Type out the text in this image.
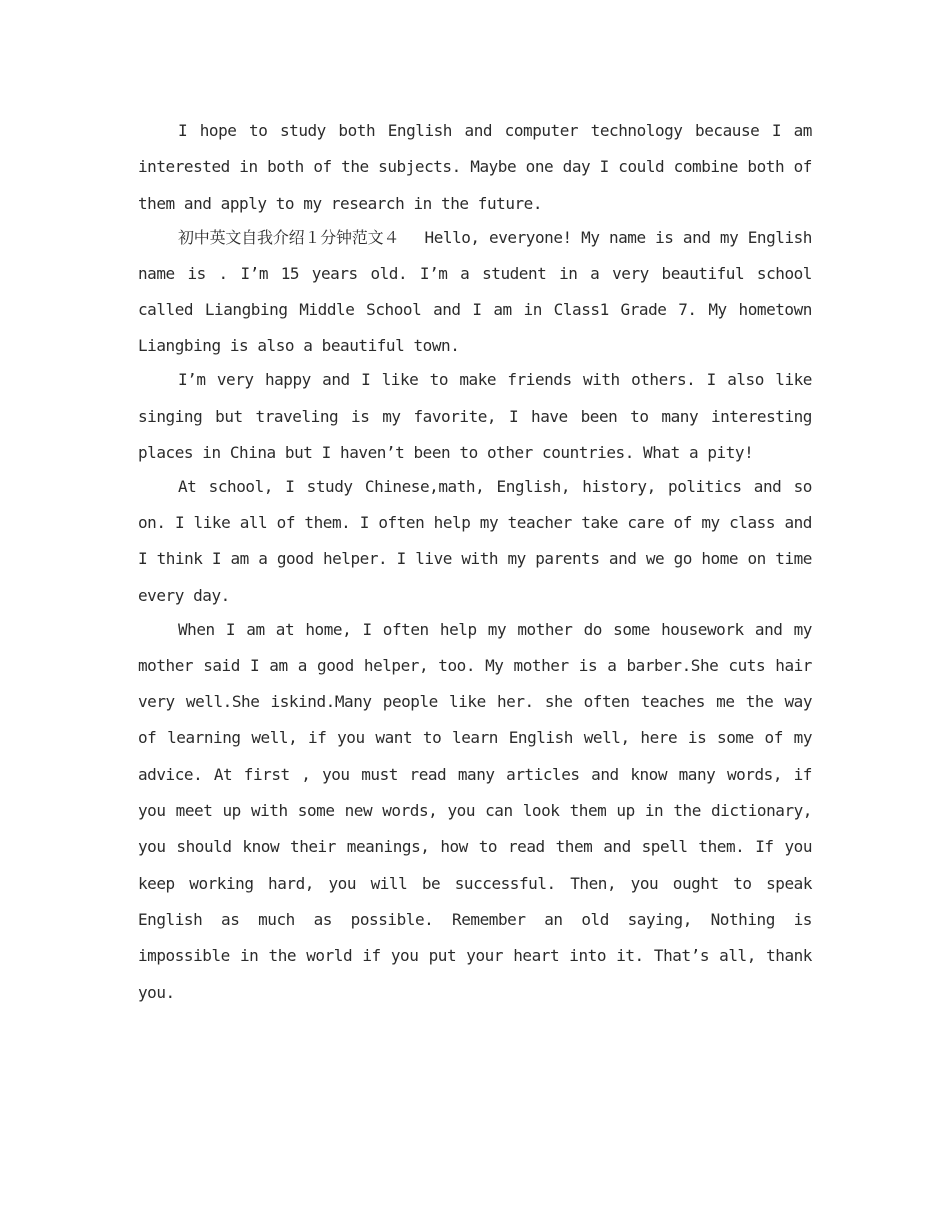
I hope to study both English and computer technology because I am interested in both of the subjects. Maybe one day I could combine both of them and apply to my research in the future.

初中英文自我介绍１分钟范文４　 Hello, everyone! My name is and my English name is . I’m 15 years old. I’m a student in a very beautiful school called Liangbing Middle School and I am in Class1 Grade 7. My hometown Liangbing is also a beautiful town.

I’m very happy and I like to make friends with others. I also like singing but traveling is my favorite, I have been to many interesting places in China but I haven’t been to other countries. What a pity!

At school, I study Chinese,math, English, history, politics and so on. I like all of them. I often help my teacher take care of my class and I think I am a good helper. I live with my parents and we go home on time every day.

When I am at home, I often help my mother do some housework and my mother said I am a good helper, too. My mother is a barber.She cuts hair very well.She iskind.Many people like her. she often teaches me the way of learning well, if you want to learn English well, here is some of my advice. At first , you must read many articles and know many words, if you meet up with some new words, you can look them up in the dictionary, you should know their meanings, how to read them and spell them. If you keep working hard, you will be successful. Then, you ought to speak English as much as possible. Remember an old saying, Nothing is impossible in the world if you put your heart into it. That’s all, thank you.
